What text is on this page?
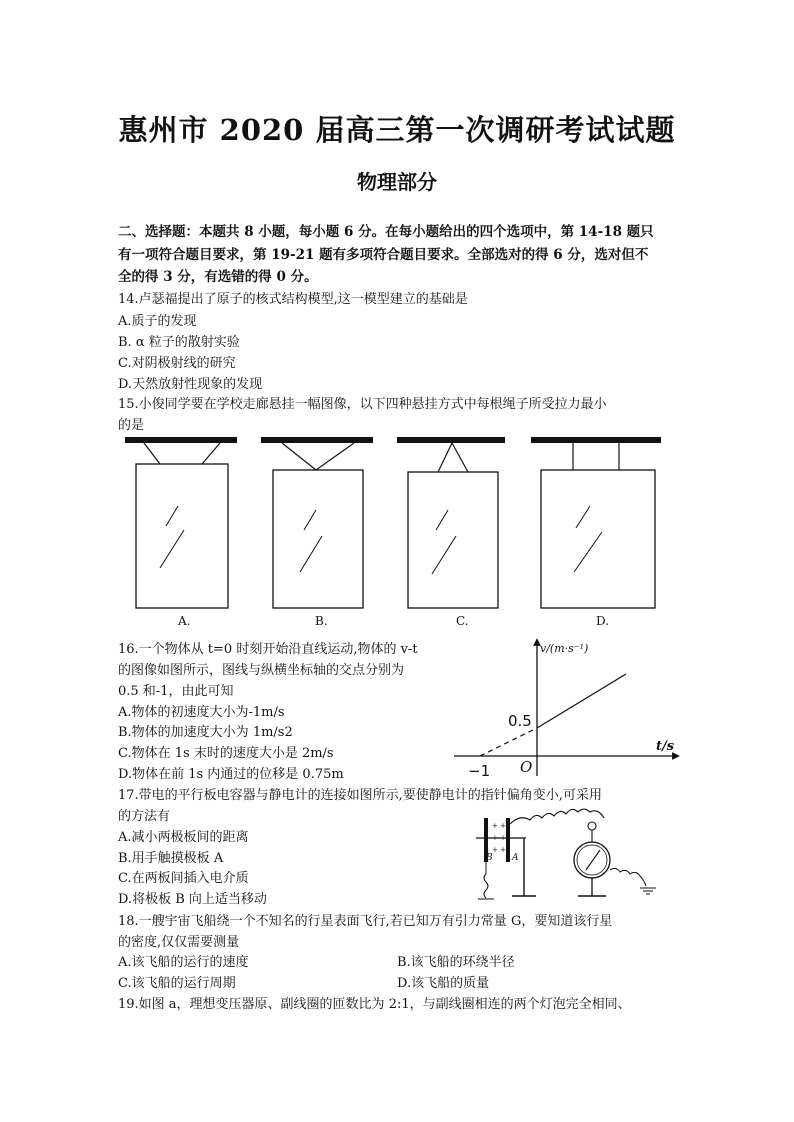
惠州市 2020 届高三第一次调研考试试题
物理部分
二、选择题：本题共 8 小题，每小题 6 分。在每小题给出的四个选项中，第 14-18 题只
有一项符合题目要求，第 19-21 题有多项符合题目要求。全部选对的得 6 分，选对但不
全的得 3 分，有选错的得 0 分。
14.卢瑟福提出了原子的核式结构模型,这一模型建立的基础是
A.质子的发现
B. α 粒子的散射实验
C.对阴极射线的研究
D.天然放射性现象的发现
15.小俊同学要在学校走廊悬挂一幅图像，以下四种悬挂方式中每根绳子所受拉力最小
的是
A.	B.	C.	D.
16.一个物体从 t=0 时刻开始沿直线运动,物体的 v-t
的图像如图所示，图线与纵横坐标轴的交点分别为
0.5 和-1，由此可知
A.物体的初速度大小为-1m/s
B.物体的加速度大小为 1m/s2
C.物体在 1s 末时的速度大小是 2m/s
D.物体在前 1s 内通过的位移是 0.75m
v/(m·s⁻¹)
t/s
0.5
−1 O
17.带电的平行板电容器与静电计的连接如图所示,要使静电计的指针偏角变小,可采用
的方法有
A.减小两极板间的距离
B.用手触摸极板 A
C.在两板间插入电介质
D.将极板 B 向上适当移动
B A
+ +
+ +
+ +
18.一艘宇宙飞船绕一个不知名的行星表面飞行,若已知万有引力常量 G，要知道该行星
的密度,仅仅需要测量
A.该飞船的运行的速度	B.该飞船的环绕半径
C.该飞船的运行周期	D.该飞船的质量
19.如图 a，理想变压器原、副线圈的匝数比为 2:1，与副线圈相连的两个灯泡完全相同、
